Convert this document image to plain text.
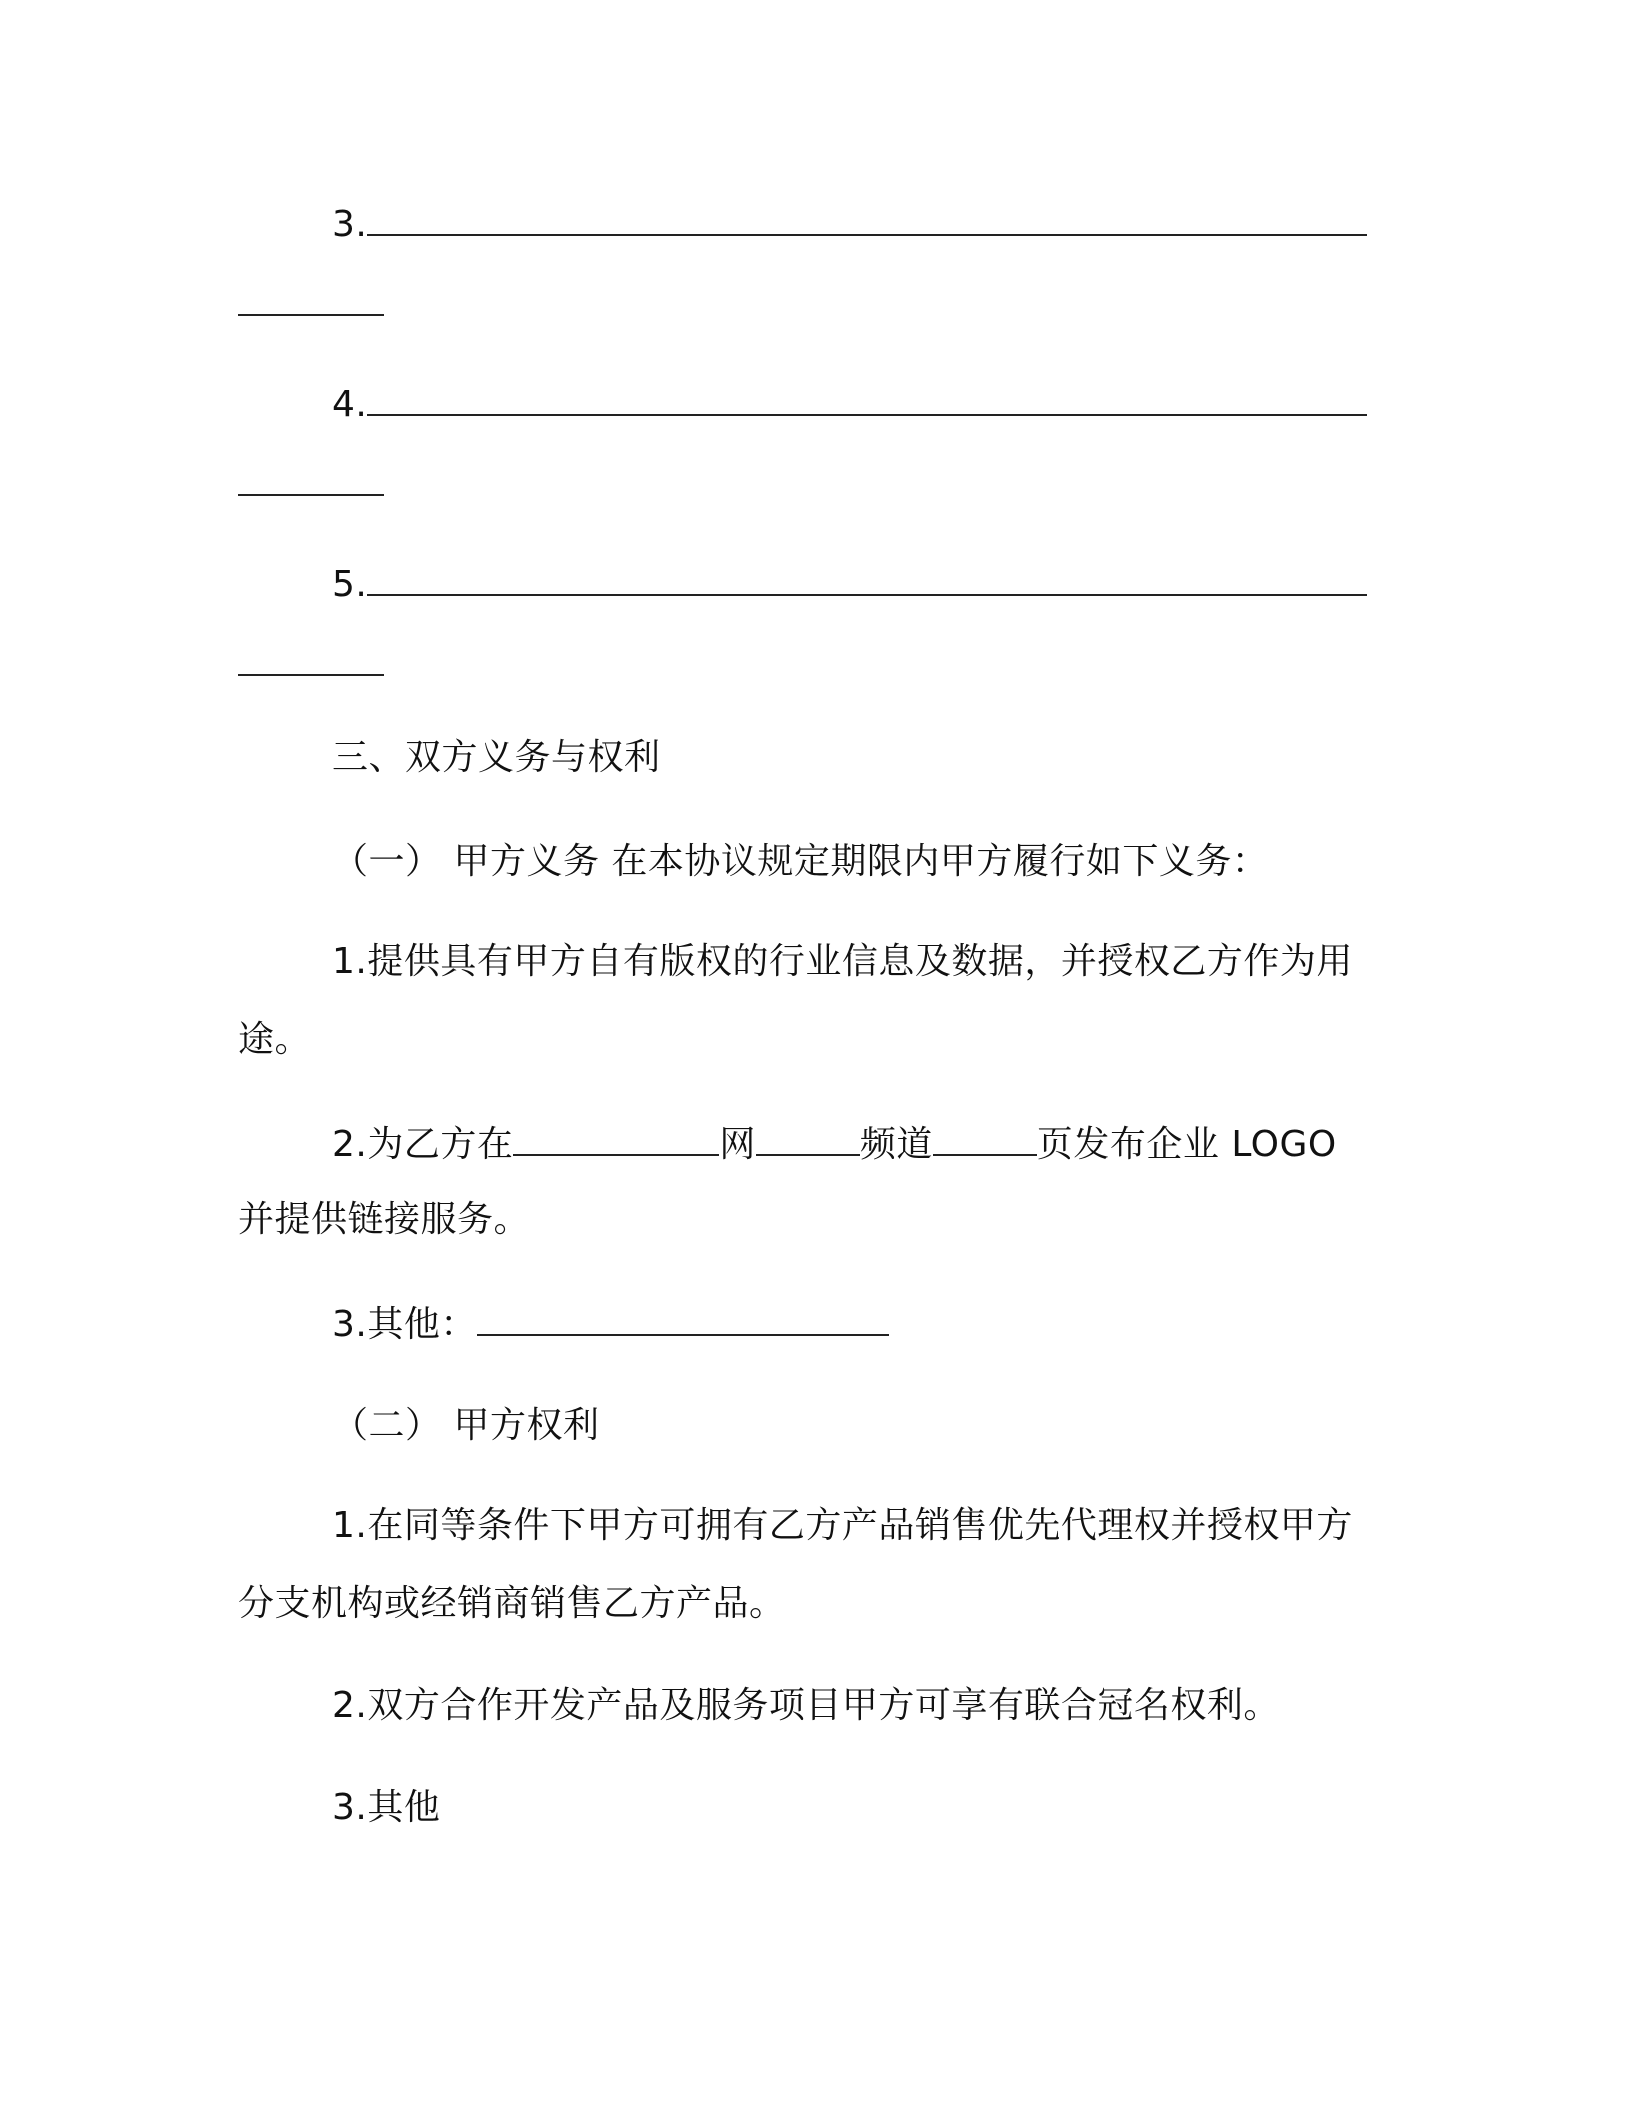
3.
4.
5.
三、双方义务与权利
（一） 甲方义务 在本协议规定期限内甲方履行如下义务：
1.提供具有甲方自有版权的行业信息及数据，并授权乙方作为用
途。
2.为乙方在	网	频道	页发布企业 LOGO
并提供链接服务。
3.其他：
（二） 甲方权利
1.在同等条件下甲方可拥有乙方产品销售优先代理权并授权甲方
分支机构或经销商销售乙方产品。
2.双方合作开发产品及服务项目甲方可享有联合冠名权利。
3.其他
